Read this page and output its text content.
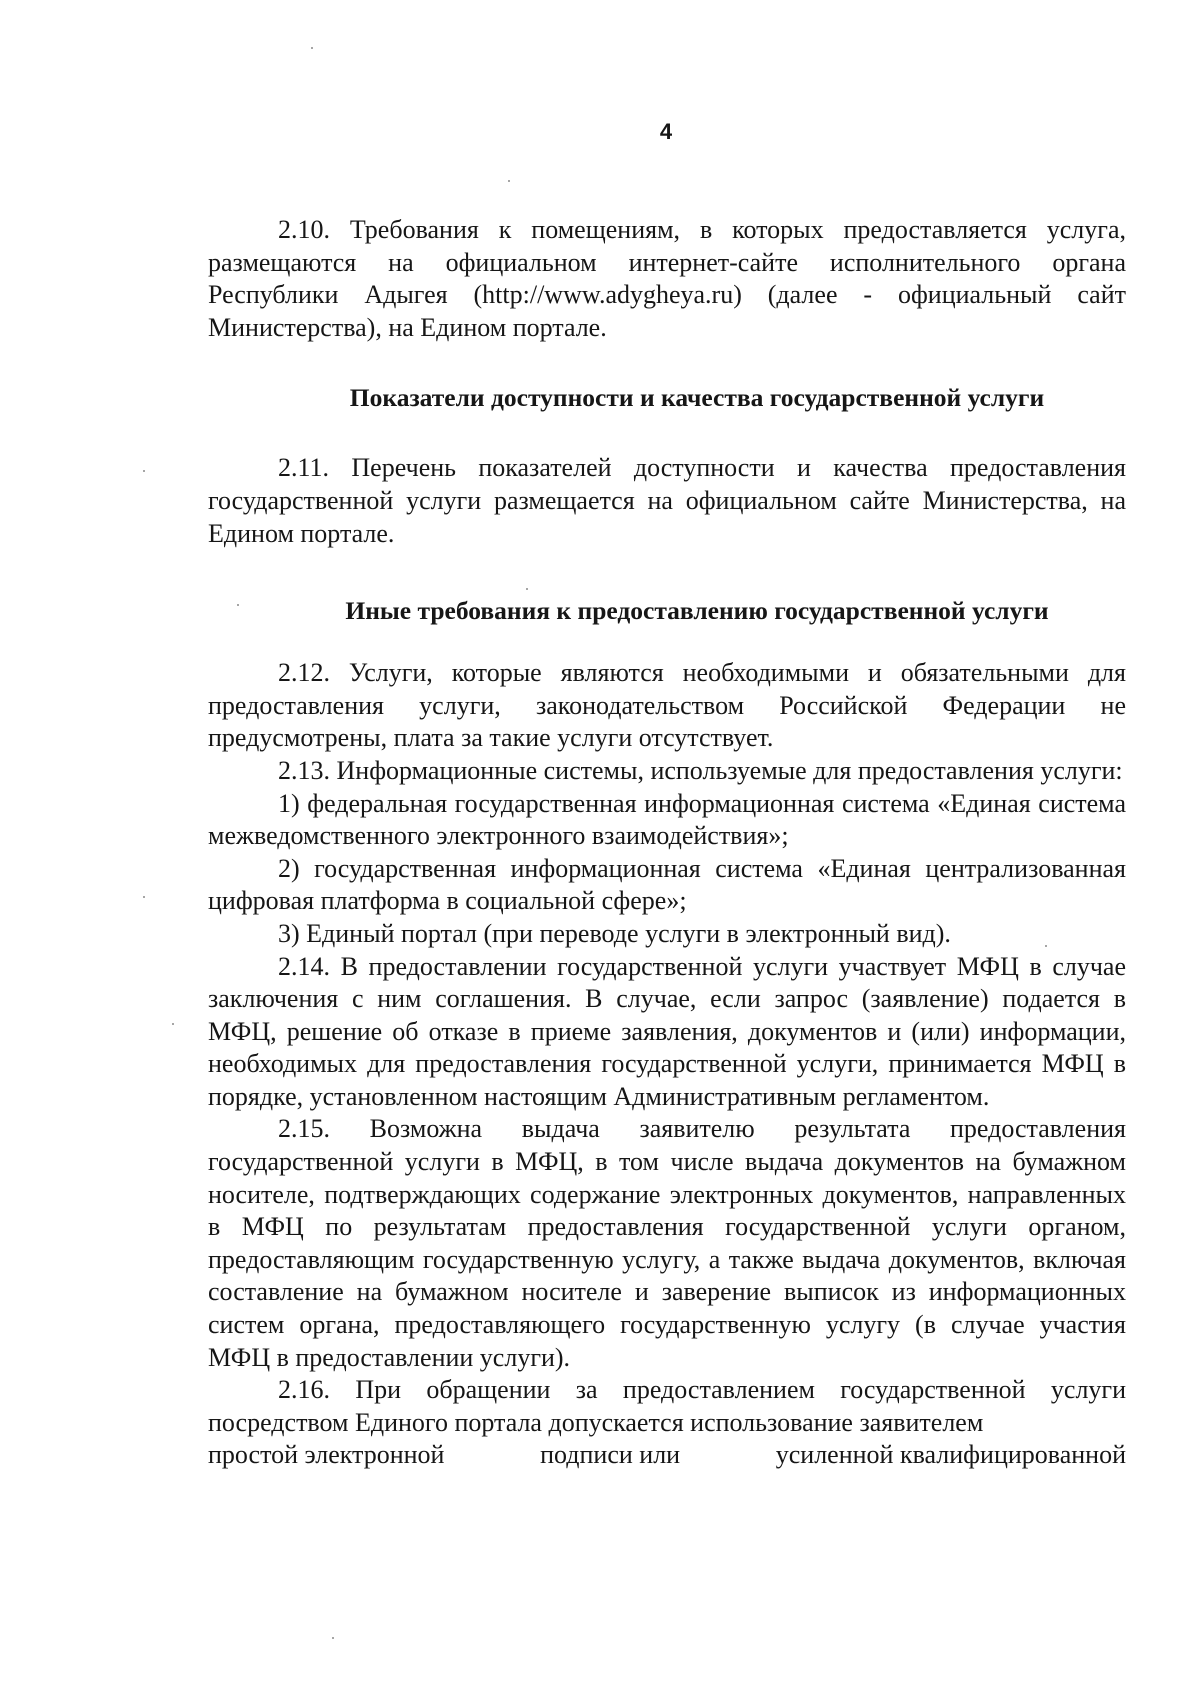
4

2.10. Требования к помещениям, в которых предоставляется услуга, размещаются на официальном интернет-сайте исполнительного органа Республики Адыгея (http://www.adygheya.ru) (далее - официальный сайт Министерства), на Едином портале.

Показатели доступности и качества государственной услуги

2.11. Перечень показателей доступности и качества предоставления государственной услуги размещается на официальном сайте Министерства, на Едином портале.

Иные требования к предоставлению государственной услуги

2.12. Услуги, которые являются необходимыми и обязательными для предоставления услуги, законодательством Российской Федерации не предусмотрены, плата за такие услуги отсутствует.

2.13. Информационные системы, используемые для предоставления услуги:

1) федеральная государственная информационная система «Единая система межведомственного электронного взаимодействия»;

2) государственная информационная система «Единая централизованная цифровая платформа в социальной сфере»;

3) Единый портал (при переводе услуги в электронный вид).

2.14. В предоставлении государственной услуги участвует МФЦ в случае заключения с ним соглашения. В случае, если запрос (заявление) подается в МФЦ, решение об отказе в приеме заявления, документов и (или) информации, необходимых для предоставления государственной услуги, принимается МФЦ в порядке, установленном настоящим Административным регламентом.

2.15. Возможна выдача заявителю результата предоставления государственной услуги в МФЦ, в том числе выдача документов на бумажном носителе, подтверждающих содержание электронных документов, направленных в МФЦ по результатам предоставления государственной услуги органом, предоставляющим государственную услугу, а также выдача документов, включая составление на бумажном носителе и заверение выписок из информационных систем органа, предоставляющего государственную услугу (в случае участия МФЦ в предоставлении услуги).

2.16. При обращении за предоставлением государственной услуги посредством Единого портала допускается использование заявителем

простой электронной	подписи или	усиленной квалифицированной
